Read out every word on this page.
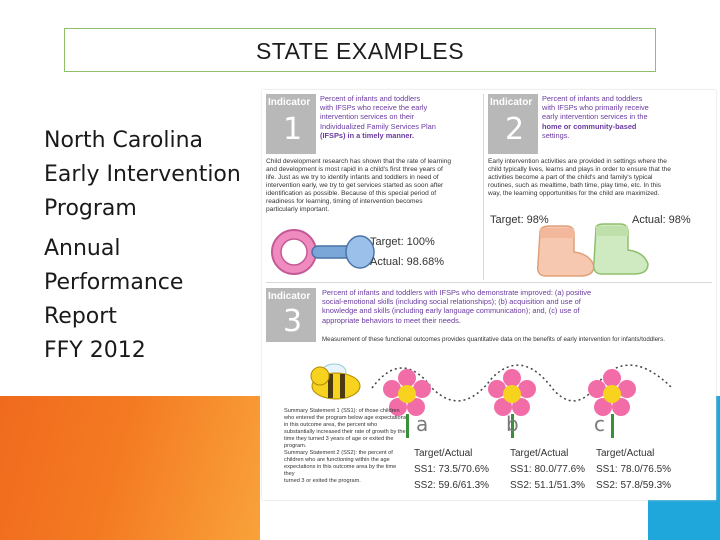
STATE EXAMPLES
North Carolina
Early Intervention
Program
Annual
Performance
Report
FFY 2012
Indicator
1
Percent of infants and toddlers
with IFSPs who receive the early
intervention services on their
Individualized Family Services Plan
(IFSPs) in a timely manner.
Child development research has shown that the rate of learning
and development is most rapid in a child's first three years of
life. Just as we try to identify infants and toddlers in need of
intervention early, we try to get services started as soon after
identification as possible. Because of this special period of
readiness for learning, timing of intervention becomes
particularly important.
Target: 100%
Actual: 98.68%
Indicator
2
Percent of infants and toddlers
with IFSPs who primarily receive
early intervention services in the
home or community-based
settings.
Early intervention activities are provided in settings where the
child typically lives, learns and plays in order to ensure that the
activities become a part of the child's and family's typical
routines, such as mealtime, bath time, play time, etc. In this
way, the learning opportunities for the child are maximized.
Target: 98%	Actual: 98%
Indicator
3
Percent of infants and toddlers with IFSPs who demonstrate improved: (a) positive
social-emotional skills (including social relationships); (b) acquisition and use of
knowledge and skills (including early language communication); and, (c) use of
appropriate behaviors to meet their needs.
Measurement of these functional outcomes provides quantitative data on the benefits of early intervention for infants/toddlers.
Summary Statement 1 (SS1): of those children
who entered the program below age expectations
in this outcome area, the percent who
substantially increased their rate of growth by the
time they turned 3 years of age or exited the
program.
Summary Statement 2 (SS2): the percent of
children who are functioning within the age
expectations in this outcome area by the time they
turned 3 or exited the program.
a
Target/Actual
SS1: 73.5/70.6%
SS2: 59.6/61.3%
b
Target/Actual
SS1: 80.0/77.6%
SS2: 51.1/51.3%
c
Target/Actual
SS1: 78.0/76.5%
SS2: 57.8/59.3%
